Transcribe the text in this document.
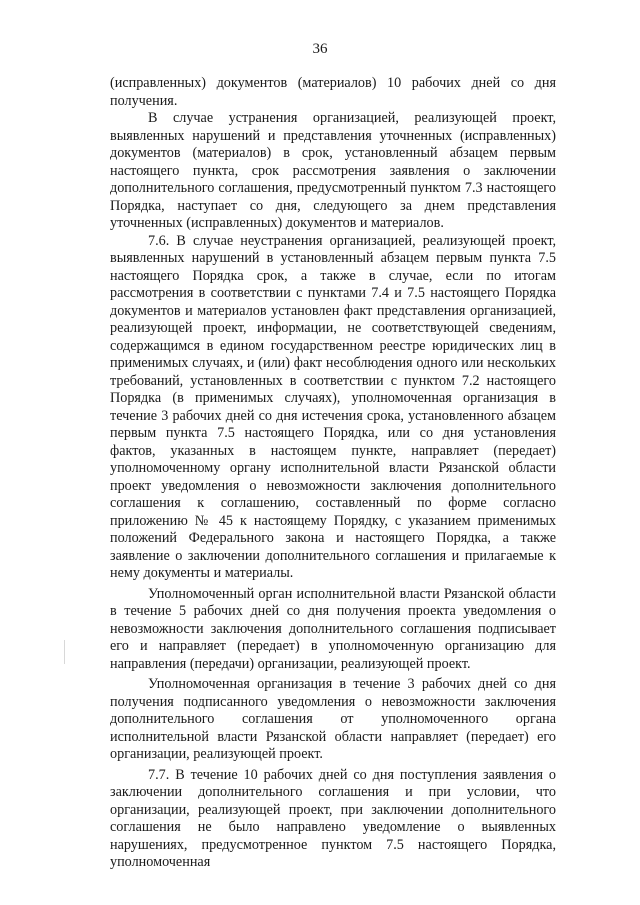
36

(исправленных) документов (материалов) 10 рабочих дней со дня получения.

В случае устранения организацией, реализующей проект, выявленных нарушений и представления уточненных (исправленных) документов (материалов) в срок, установленный абзацем первым настоящего пункта, срок рассмотрения заявления о заключении дополнительного соглашения, предусмотренный пунктом 7.3 настоящего Порядка, наступает со дня, следующего за днем представления уточненных (исправленных) документов и материалов.

7.6. В случае неустранения организацией, реализующей проект, выявленных нарушений в установленный абзацем первым пункта 7.5 настоящего Порядка срок, а также в случае, если по итогам рассмотрения в соответствии с пунктами 7.4 и 7.5 настоящего Порядка документов и материалов установлен факт представления организацией, реализующей проект, информации, не соответствующей сведениям, содержащимся в едином государственном реестре юридических лиц в применимых случаях, и (или) факт несоблюдения одного или нескольких требований, установленных в соответствии с пунктом 7.2 настоящего Порядка (в применимых случаях), уполномоченная организация в течение 3 рабочих дней со дня истечения срока, установленного абзацем первым пункта 7.5 настоящего Порядка, или со дня установления фактов, указанных в настоящем пункте, направляет (передает) уполномоченному органу исполнительной власти Рязанской области проект уведомления о невозможности заключения дополнительного соглашения к соглашению, составленный по форме согласно приложению № 45 к настоящему Порядку, с указанием применимых положений Федерального закона и настоящего Порядка, а также заявление о заключении дополнительного соглашения и прилагаемые к нему документы и материалы.

Уполномоченный орган исполнительной власти Рязанской области в течение 5 рабочих дней со дня получения проекта уведомления о невозможности заключения дополнительного соглашения подписывает его и направляет (передает) в уполномоченную организацию для направления (передачи) организации, реализующей проект.

Уполномоченная организация в течение 3 рабочих дней со дня получения подписанного уведомления о невозможности заключения дополнительного соглашения от уполномоченного органа исполнительной власти Рязанской области направляет (передает) его организации, реализующей проект.

7.7. В течение 10 рабочих дней со дня поступления заявления о заключении дополнительного соглашения и при условии, что организации, реализующей проект, при заключении дополнительного соглашения не было направлено уведомление о выявленных нарушениях, предусмотренное пунктом 7.5 настоящего Порядка, уполномоченная
